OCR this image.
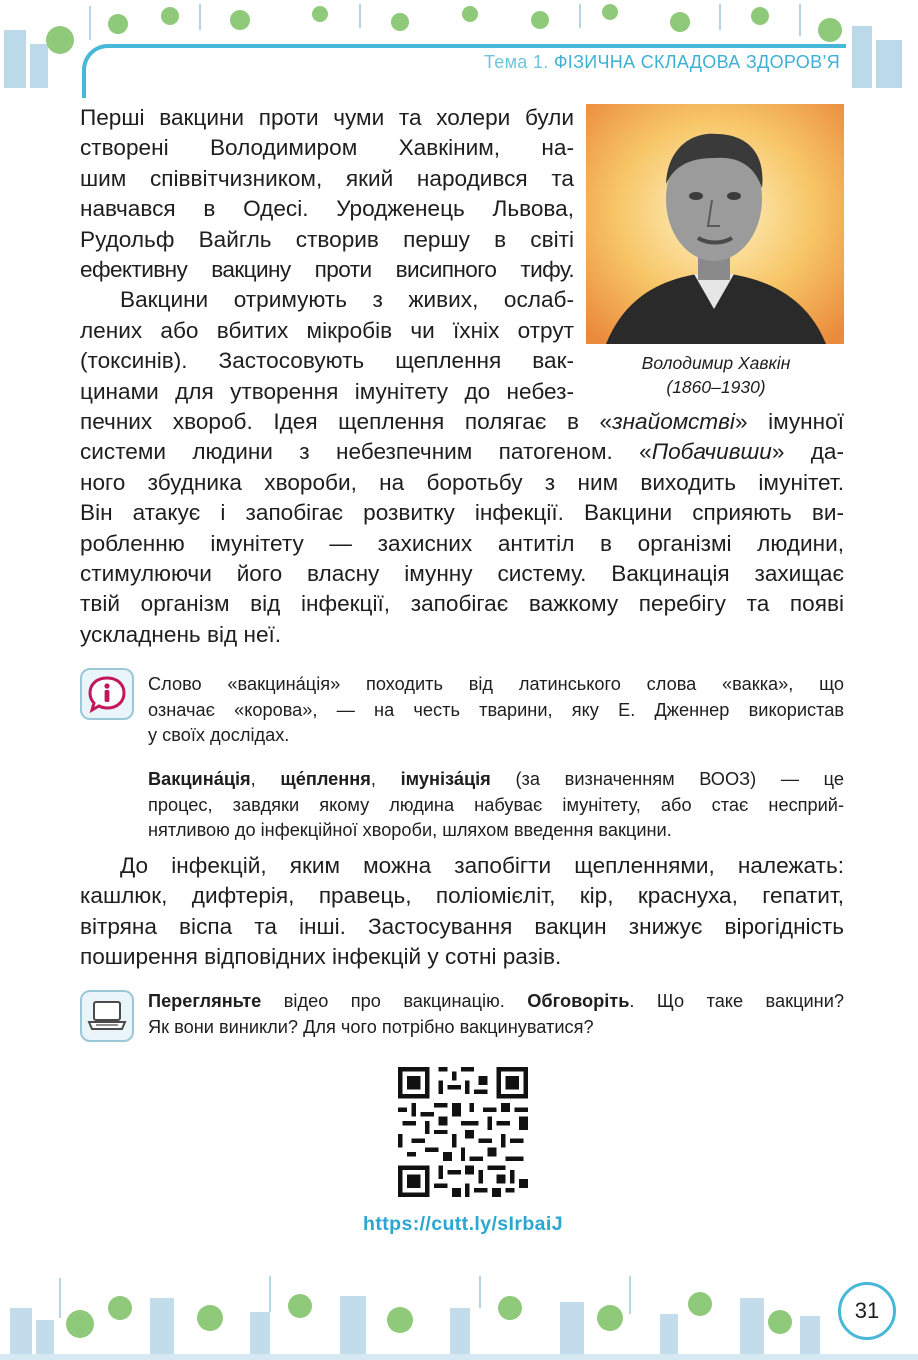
Тема 1. ФІЗИЧНА СКЛАДОВА ЗДОРОВ’Я
Перші вакцини проти чуми та холери були
створені Володимиром Хавкіним, на-
шим співвітчизником, який народився та
навчався в Одесі. Уродженець Львова,
Рудольф Вайгль створив першу в світі
ефективну вакцину проти висипного тифу.
Вакцини отримують з живих, ослаб-
лених або вбитих мікробів чи їхніх отрут
(токсинів). Застосовують щеплення вак-
цинами для утворення імунітету до небез-
Володимир Хавкін
(1860–1930)
печних хвороб. Ідея щеплення полягає в «знайомстві» імунної
системи людини з небезпечним патогеном. «Побачивши» да-
ного збудника хвороби, на боротьбу з ним виходить імунітет.
Він атакує і запобігає розвитку інфекції. Вакцини сприяють ви-
робленню імунітету — захисних антитіл в організмі людини,
стимулюючи його власну імунну систему. Вакцинація захищає
твій організм від інфекції, запобігає важкому перебігу та появі
ускладнень від неї.
Слово «вакцина́ція» походить від латинського слова «вакка», що
означає «корова», — на честь тварини, яку Е. Дженнер використав
у своїх дослідах.
Вакцина́ція, ще́плення, імуніза́ція (за визначенням ВООЗ) — це
процес, завдяки якому людина набуває імунітету, або стає несприй-
нятливою до інфекційної хвороби, шляхом введення вакцини.
До інфекцій, яким можна запобігти щепленнями, належать:
кашлюк, дифтерія, правець, поліомієліт, кір, краснуха, гепатит,
вітряна віспа та інші. Застосування вакцин знижує вірогідність
поширення відповідних інфекцій у сотні разів.
Перегляньте відео про вакцинацію. Обговоріть. Що таке вакцини?
Як вони виникли? Для чого потрібно вакцинуватися?
https://cutt.ly/sIrbaiJ
31
